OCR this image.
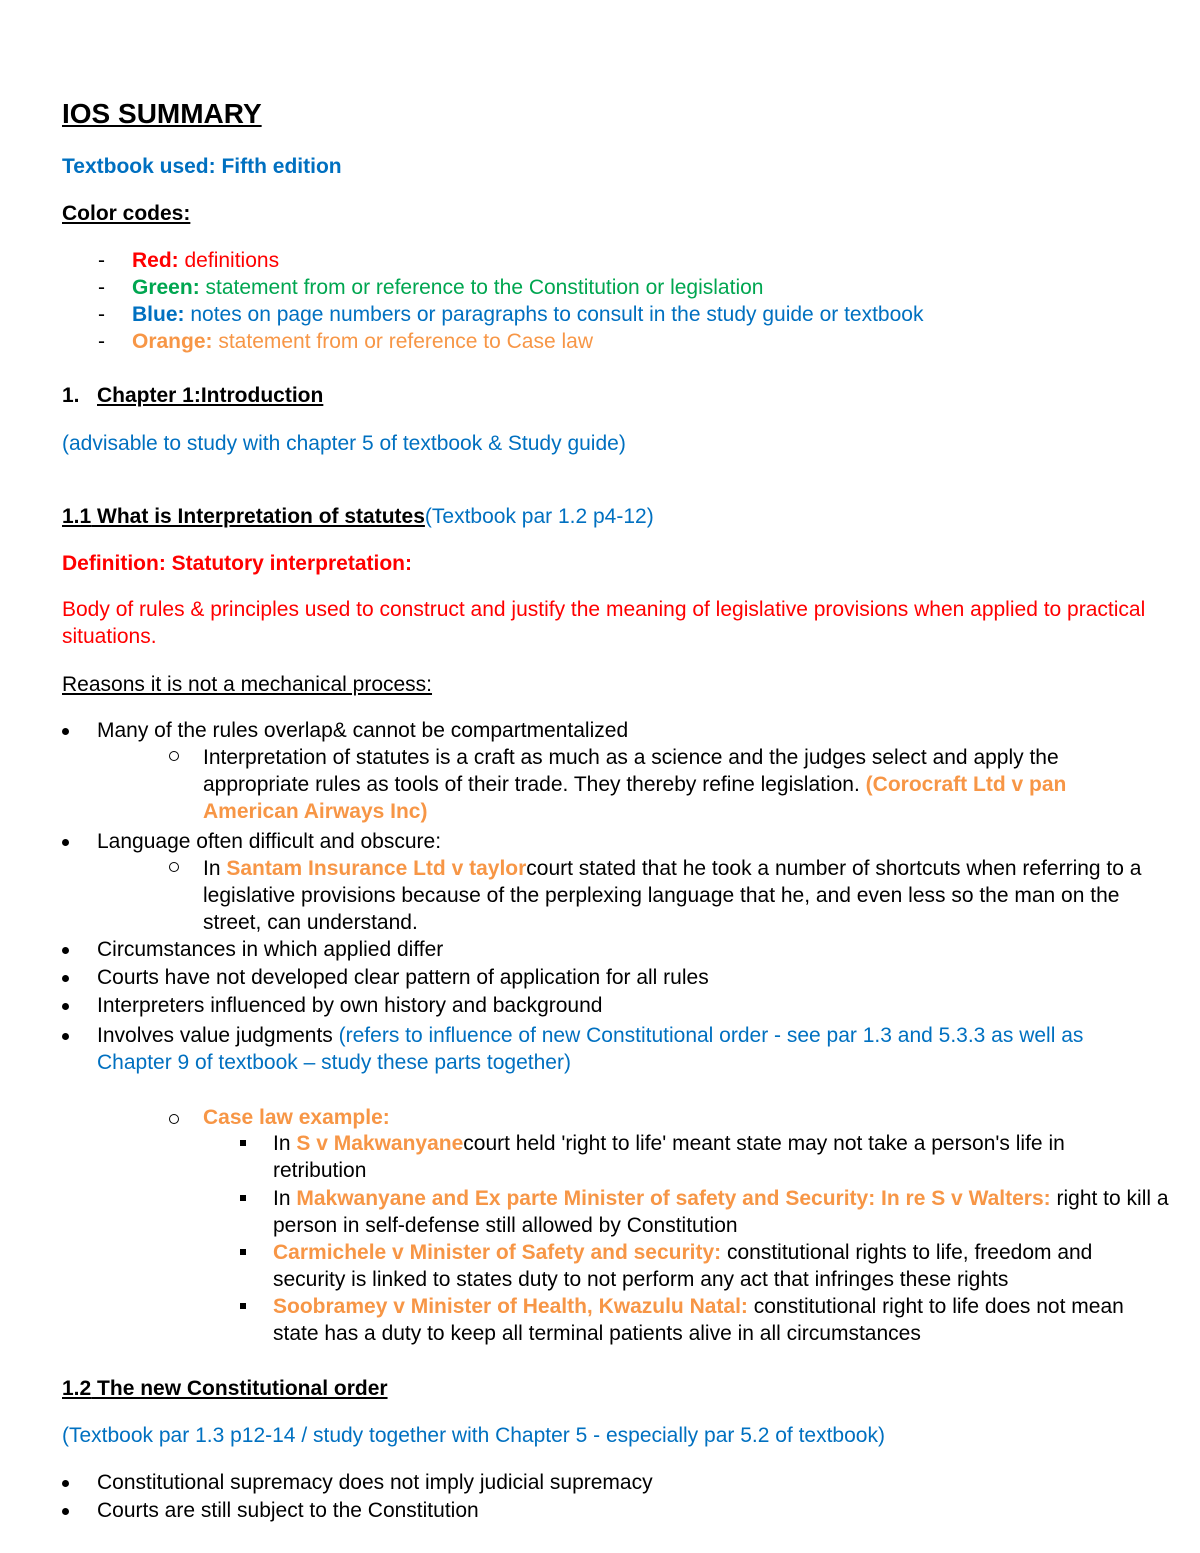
IOS SUMMARY
Textbook used: Fifth edition
Color codes:
- Red: definitions
- Green: statement from or reference to the Constitution or legislation
- Blue: notes on page numbers or paragraphs to consult in the study guide or textbook
- Orange: statement from or reference to Case law
1. Chapter 1:Introduction
(advisable to study with chapter 5 of textbook & Study guide)
1.1 What is Interpretation of statutes(Textbook par 1.2 p4-12)
Definition: Statutory interpretation:
Body of rules & principles used to construct and justify the meaning of legislative provisions when applied to practical situations.
Reasons it is not a mechanical process:
Many of the rules overlap& cannot be compartmentalized
Interpretation of statutes is a craft as much as a science and the judges select and apply the appropriate rules as tools of their trade. They thereby refine legislation. (Corocraft Ltd v pan American Airways Inc)
Language often difficult and obscure:
In Santam Insurance Ltd v taylorcourt stated that he took a number of shortcuts when referring to a legislative provisions because of the perplexing language that he, and even less so the man on the street, can understand.
Circumstances in which applied differ
Courts have not developed clear pattern of application for all rules
Interpreters influenced by own history and background
Involves value judgments (refers to influence of new Constitutional order - see par 1.3 and 5.3.3 as well as Chapter 9 of textbook – study these parts together)
Case law example:
In S v Makwanyanecourt held 'right to life' meant state may not take a person's life in retribution
In Makwanyane and Ex parte Minister of safety and Security: In re S v Walters: right to kill a person in self-defense still allowed by Constitution
Carmichele v Minister of Safety and security: constitutional rights to life, freedom and security is linked to states duty to not perform any act that infringes these rights
Soobramey v Minister of Health, Kwazulu Natal: constitutional right to life does not mean state has a duty to keep all terminal patients alive in all circumstances
1.2 The new Constitutional order
(Textbook par 1.3 p12-14 / study together with Chapter 5 - especially par 5.2 of textbook)
Constitutional supremacy does not imply judicial supremacy
Courts are still subject to the Constitution
